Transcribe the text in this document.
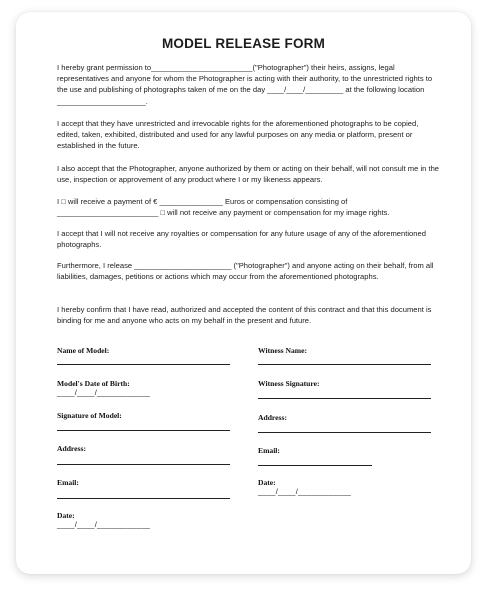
MODEL RELEASE FORM

I hereby grant permission to________________________("Photographer") their heirs, assigns, legal representatives and anyone for whom the Photographer is acting with their authority, to the unrestricted rights to the use and publishing of photographs taken of me on the day ____/____/_________ at the following location _____________________.

I accept that they have unrestricted and irrevocable rights for the aforementioned photographs to be copied, edited, taken, exhibited, distributed and used for any lawful purposes on any media or platform, present or established in the future.

I also accept that the Photographer, anyone authorized by them or acting on their behalf, will not consult me in the use, inspection or approvement of any product where I or my likeness appears.

I □ will receive a payment of € _______________ Euros or compensation consisting of ________________________ □ will not receive any payment or compensation for my image rights.

I accept that I will not receive any royalties or compensation for any future usage of any of the aforementioned photographs.

Furthermore, I release _______________________ ("Photographer") and anyone acting on their behalf, from all liabilities, damages, petitions or actions which may occur from the aforementioned photographs.

I hereby confirm that I have read, authorized and accepted the content of this contract and that this document is binding for me and anyone who acts on my behalf in the present and future.

Name of Model:
Model's Date of Birth:
____/____/____________
Signature of Model:
Address:
Email:
Date:
____/____/____________
Witness Name:
Witness Signature:
Address:
Email:
Date:
____/____/____________
